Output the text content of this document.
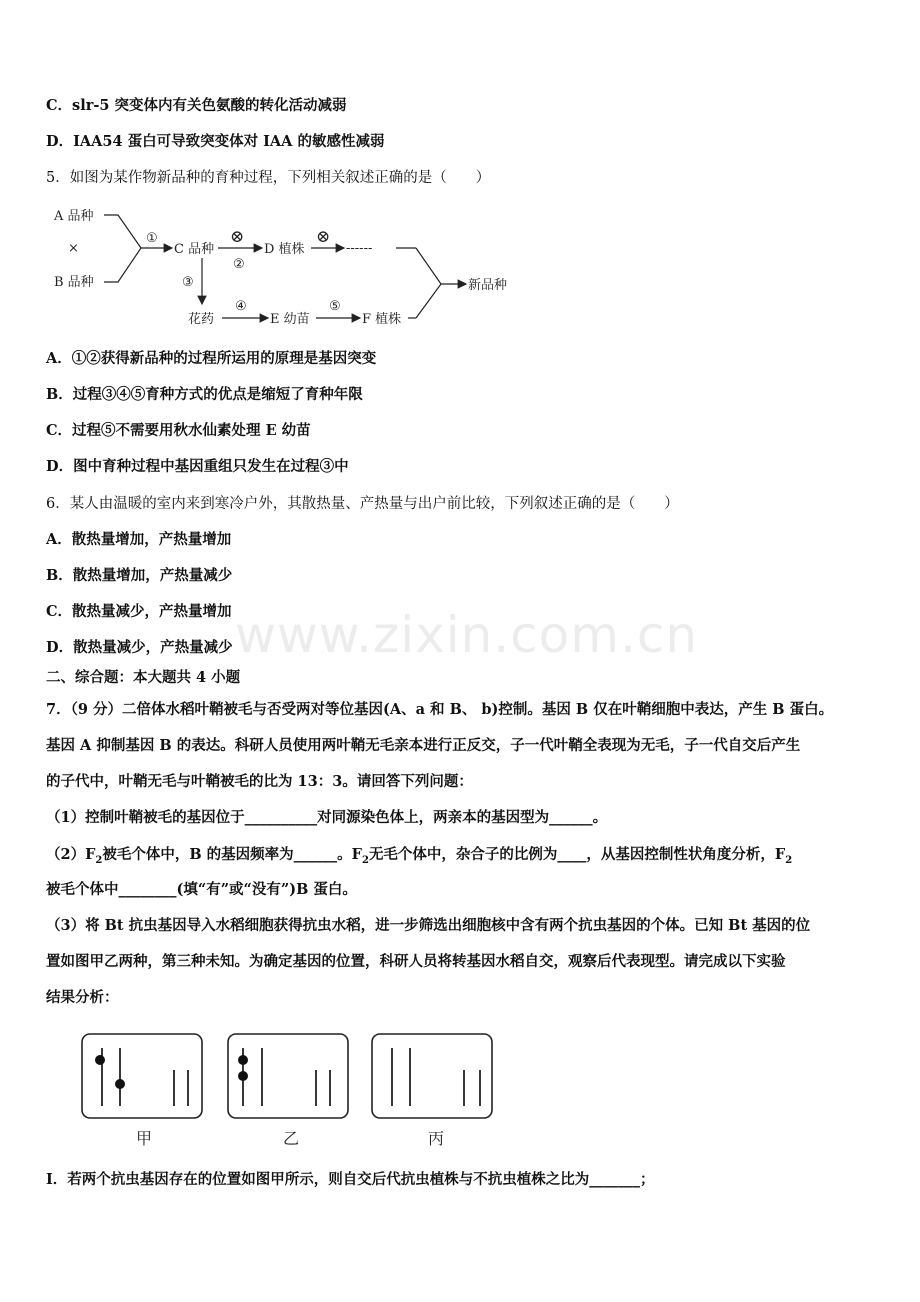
C．slr-5 突变体内有关色氨酸的转化活动减弱
D．IAA54 蛋白可导致突变体对 IAA 的敏感性减弱
5．如图为某作物新品种的育种过程，下列相关叙述正确的是（　　）
A 品种
×
B 品种
①
C 品种
⊗
②
D 植株
⊗
------
新品种
③
花药
④
E 幼苗
⑤
F 植株
A．①②获得新品种的过程所运用的原理是基因突变
B．过程③④⑤育种方式的优点是缩短了育种年限
C．过程⑤不需要用秋水仙素处理 E 幼苗
D．图中育种过程中基因重组只发生在过程③中
6．某人由温暖的室内来到寒冷户外，其散热量、产热量与出户前比较，下列叙述正确的是（　　）
A．散热量增加，产热量增加
B．散热量增加，产热量减少
C．散热量减少，产热量增加
D．散热量减少，产热量减少 www.zixin.com.cn
二、综合题：本大题共 4 小题
7．（9 分）二倍体水稻叶鞘被毛与否受两对等位基因(A、a 和 B、 b)控制。基因 B 仅在叶鞘细胞中表达，产生 B 蛋白。
基因 A 抑制基因 B 的表达。科研人员使用两叶鞘无毛亲本进行正反交，子一代叶鞘全表现为无毛，子一代自交后产生
的子代中，叶鞘无毛与叶鞘被毛的比为 13：3。请回答下列问题：
（1）控制叶鞘被毛的基因位于__________对同源染色体上，两亲本的基因型为______。
$(2)F_2$被毛个体中，B 的基因频率为______。$F_2$无毛个体中，杂合子的比例为____，从基因控制性状角度分析，$F_2$
被毛个体中________(填“有”或“没有”)B 蛋白。
（3）将 Bt 抗虫基因导入水稻细胞获得抗虫水稻，进一步筛选出细胞核中含有两个抗虫基因的个体。已知 Bt 基因的位
置如图甲乙两种，第三种未知。为确定基因的位置，科研人员将转基因水稻自交，观察后代表现型。请完成以下实验
结果分析：
甲	乙	丙
I．若两个抗虫基因存在的位置如图甲所示，则自交后代抗虫植株与不抗虫植株之比为_______；
